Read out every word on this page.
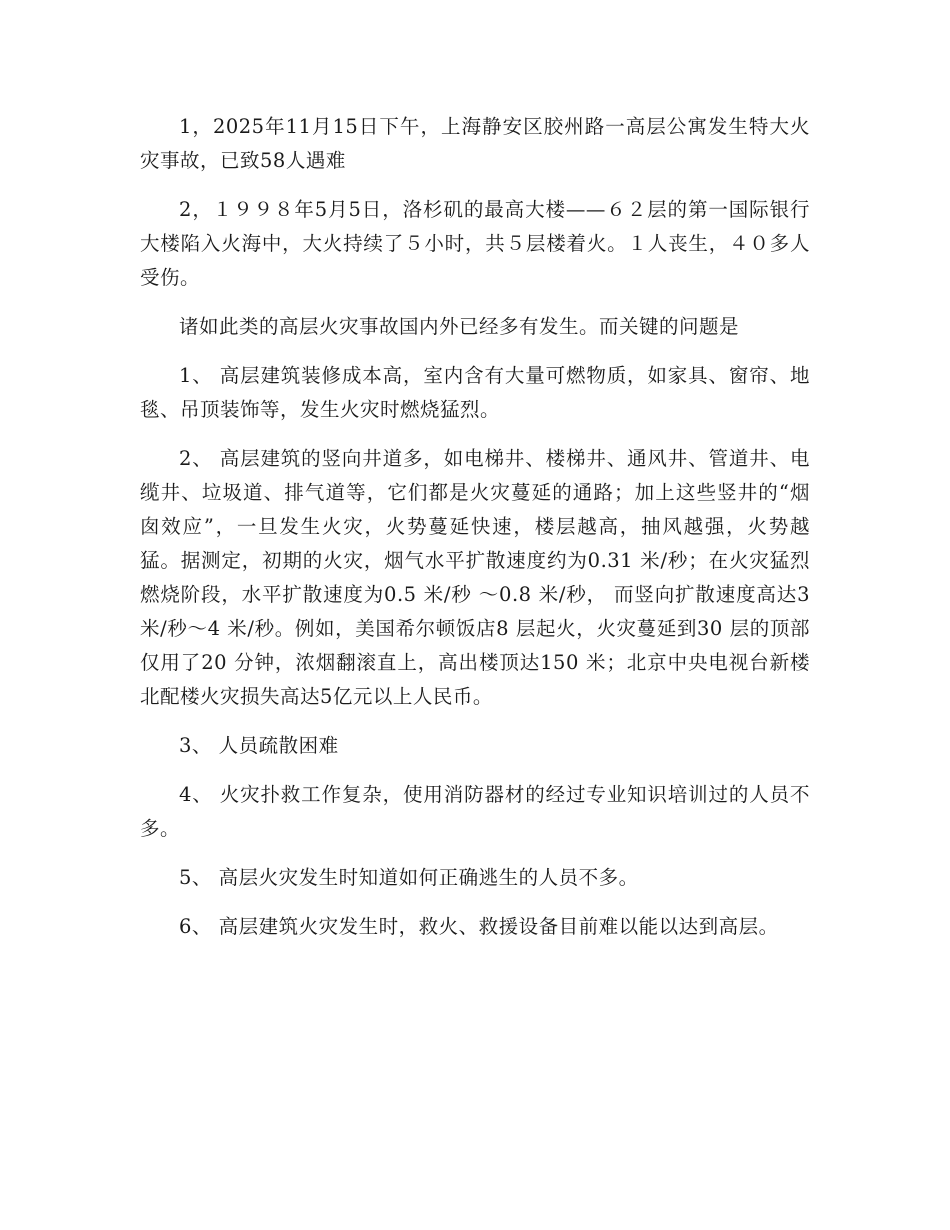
1，2025年11月15日下午，上海静安区胶州路一高层公寓发生特大火灾事故，已致58人遇难

2，１９９８年5月5日，洛杉矶的最高大楼——６２层的第一国际银行大楼陷入火海中，大火持续了５小时，共５层楼着火。１人丧生，４０多人受伤。

诸如此类的高层火灾事故国内外已经多有发生。而关键的问题是

1、 高层建筑装修成本高，室内含有大量可燃物质，如家具、窗帘、地毯、吊顶装饰等，发生火灾时燃烧猛烈。

2、 高层建筑的竖向井道多，如电梯井、楼梯井、通风井、管道井、电缆井、垃圾道、排气道等，它们都是火灾蔓延的通路；加上这些竖井的“烟囱效应”，一旦发生火灾，火势蔓延快速，楼层越高，抽风越强，火势越猛。据测定，初期的火灾，烟气水平扩散速度约为0.31 米/秒；在火灾猛烈燃烧阶段，水平扩散速度为0.5 米/秒 ～0.8 米/秒， 而竖向扩散速度高达3米/秒～4 米/秒。例如，美国希尔顿饭店8 层起火，火灾蔓延到30 层的顶部仅用了20 分钟，浓烟翻滚直上，高出楼顶达150 米；北京中央电视台新楼北配楼火灾损失高达5亿元以上人民币。

3、 人员疏散困难

4、 火灾扑救工作复杂，使用消防器材的经过专业知识培训过的人员不多。

5、 高层火灾发生时知道如何正确逃生的人员不多。

6、 高层建筑火灾发生时，救火、救援设备目前难以能以达到高层。
